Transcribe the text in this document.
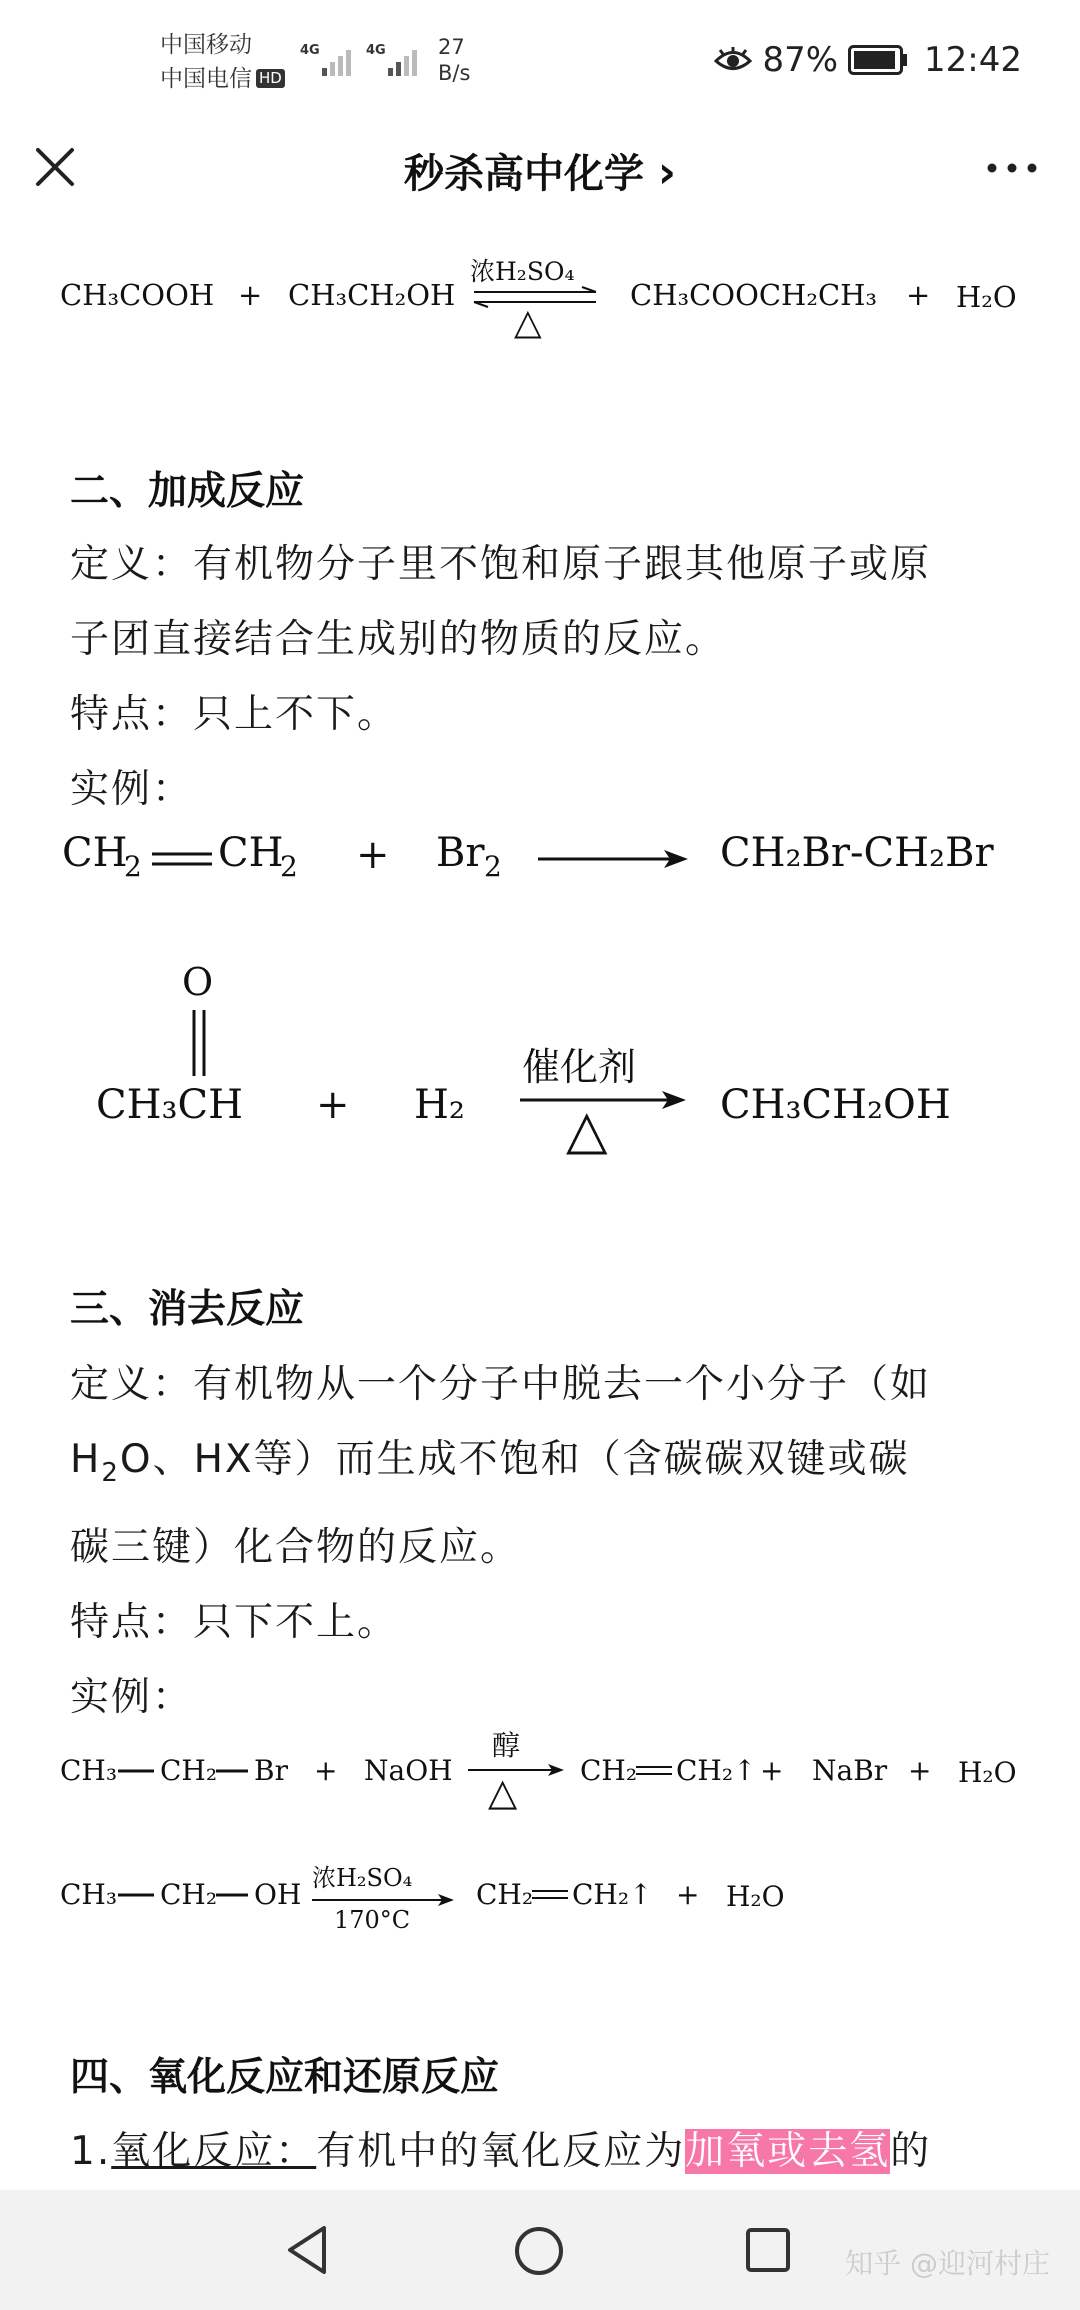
中国移动
中国电信 HD
4G	4G 27
B/s	87%	12:42
秒杀高中化学 ›
CH₃COOH + CH₃CH₂OH
浓H₂SO₄
△
CH₃COOCH₂CH₃ + H₂O
二、加成反应
定义：有机物分子里不饱和原子跟其他原子或原
子团直接结合生成别的物质的反应。
特点：只上不下。
实例：
CH
2 CH
2 + Br 2	CH₂Br-CH₂Br
O
CH₃CH + H₂
催化剂
△	CH₃CH₂OH
三、消去反应
定义：有机物从一个分子中脱去一个小分子（如
$H_2O$、HX等）而生成不饱和（含碳碳双键或碳
碳三键）化合物的反应。
特点：只下不上。
实例：
CH₃ CH₂ Br + NaOH
醇
△ CH₂ CH₂↑ + NaBr + H₂O
CH₃ CH₂ OH 浓H₂SO₄
170°C
CH₂ CH₂↑ + H₂O
四、氧化反应和还原反应
1.氧化反应：有机中的氧化反应为加氧或去氢的
知乎 @迎河村庄
